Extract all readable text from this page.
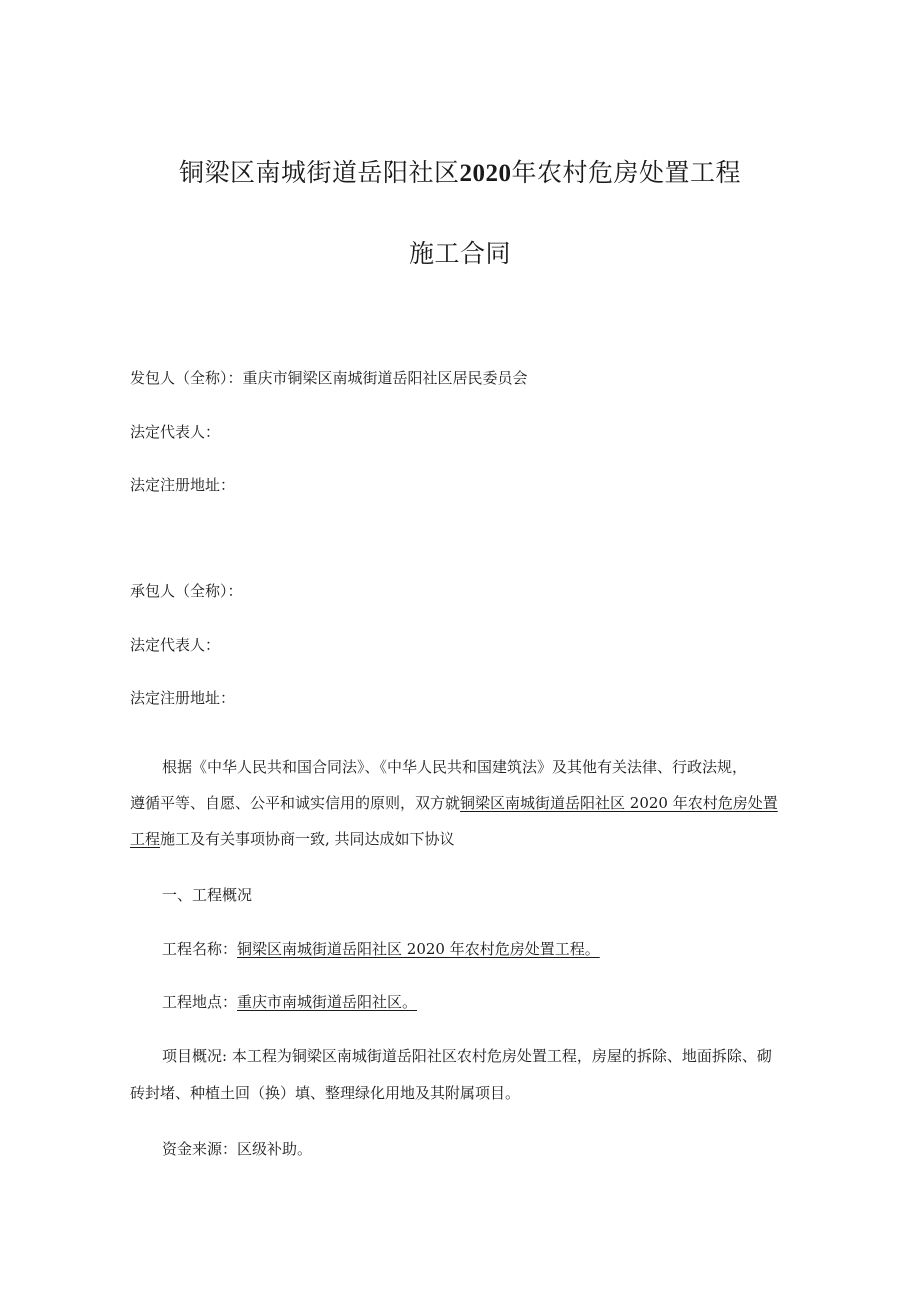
铜梁区南城街道岳阳社区2020年农村危房处置工程
施工合同
发包人（全称）：重庆市铜梁区南城街道岳阳社区居民委员会
法定代表人：
法定注册地址：
承包人（全称）：
法定代表人：
法定注册地址：
根据《中华人民共和国合同法》、《中华人民共和国建筑法》及其他有关法律、行政法规，
遵循平等、自愿、公平和诚实信用的原则，双方就铜梁区南城街道岳阳社区 2020 年农村危房处置
工程施工及有关事项协商一致, 共同达成如下协议
一、工程概况
工程名称：铜梁区南城街道岳阳社区 2020 年农村危房处置工程。
工程地点：重庆市南城街道岳阳社区。
项目概况: 本工程为铜梁区南城街道岳阳社区农村危房处置工程，房屋的拆除、地面拆除、砌
砖封堵、种植土回（换）填、整理绿化用地及其附属项目。
资金来源：区级补助。
